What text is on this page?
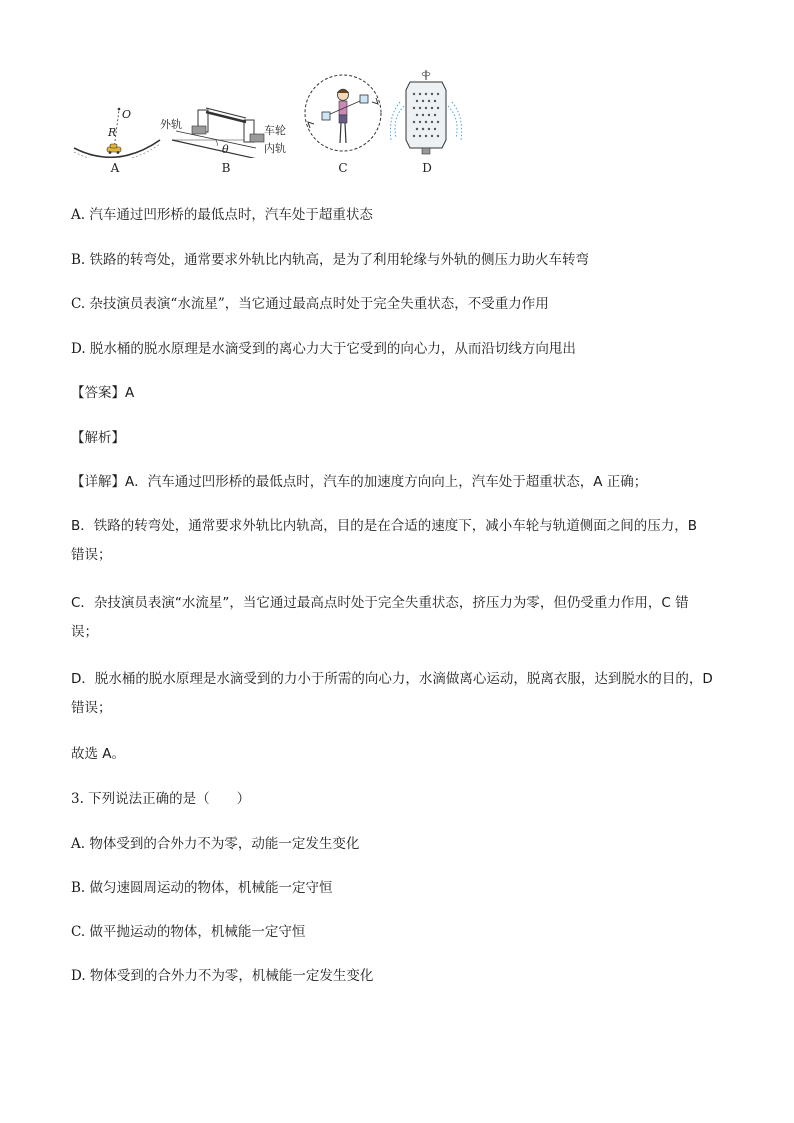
O
R
A
外轨	车轮
内轨
θ
B	C	D
A. 汽车通过凹形桥的最低点时，汽车处于超重状态
B. 铁路的转弯处，通常要求外轨比内轨高，是为了利用轮缘与外轨的侧压力助火车转弯
C. 杂技演员表演“水流星”，当它通过最高点时处于完全失重状态，不受重力作用
D. 脱水桶的脱水原理是水滴受到的离心力大于它受到的向心力，从而沿切线方向甩出
【答案】A
【解析】
【详解】A．汽车通过凹形桥的最低点时，汽车的加速度方向向上，汽车处于超重状态，A 正确；
B．铁路的转弯处，通常要求外轨比内轨高，目的是在合适的速度下，减小车轮与轨道侧面之间的压力，B
错误；
C．杂技演员表演“水流星”，当它通过最高点时处于完全失重状态，挤压力为零，但仍受重力作用，C 错
误；
D．脱水桶的脱水原理是水滴受到的力小于所需的向心力，水滴做离心运动，脱离衣服，达到脱水的目的，D
错误；
故选 A。
3. 下列说法正确的是（　　）
A. 物体受到的合外力不为零，动能一定发生变化
B. 做匀速圆周运动的物体，机械能一定守恒
C. 做平抛运动的物体，机械能一定守恒
D. 物体受到的合外力不为零，机械能一定发生变化
